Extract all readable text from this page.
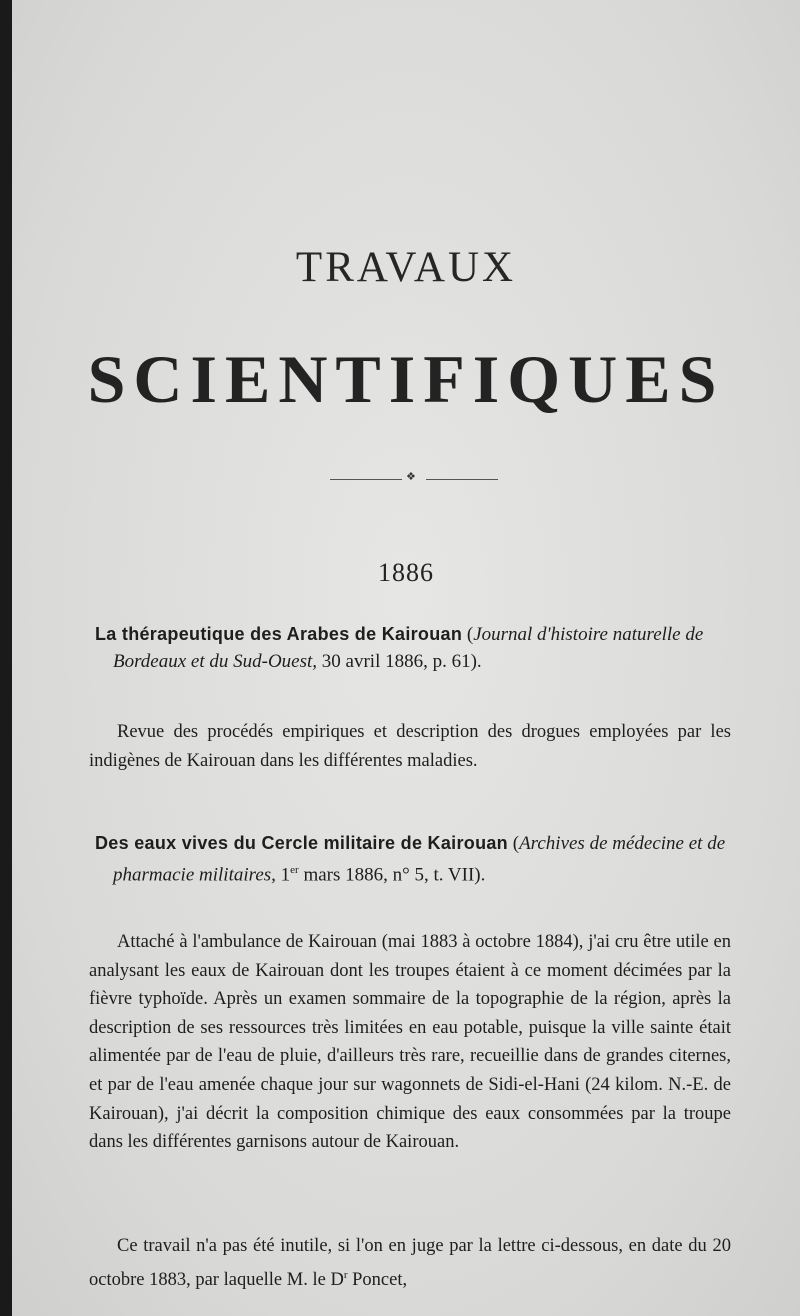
TRAVAUX
SCIENTIFIQUES
❖
1886
La thérapeutique des Arabes de Kairouan (Journal d'histoire naturelle de Bordeaux et du Sud-Ouest, 30 avril 1886, p. 61).
Revue des procédés empiriques et description des drogues employées par les indigènes de Kairouan dans les différentes maladies.
Des eaux vives du Cercle militaire de Kairouan (Archives de médecine et de pharmacie militaires, 1er mars 1886, n° 5, t. VII).
Attaché à l'ambulance de Kairouan (mai 1883 à octobre 1884), j'ai cru être utile en analysant les eaux de Kairouan dont les troupes étaient à ce moment décimées par la fièvre typhoïde. Après un examen sommaire de la topographie de la région, après la description de ses ressources très limitées en eau potable, puisque la ville sainte était alimentée par de l'eau de pluie, d'ailleurs très rare, recueillie dans de grandes citernes, et par de l'eau amenée chaque jour sur wagonnets de Sidi-el-Hani (24 kilom. N.-E. de Kairouan), j'ai décrit la composition chimique des eaux consommées par la troupe dans les différentes garnisons autour de Kairouan.
Ce travail n'a pas été inutile, si l'on en juge par la lettre ci-dessous, en date du 20 octobre 1883, par laquelle M. le $D^r$ Poncet,
